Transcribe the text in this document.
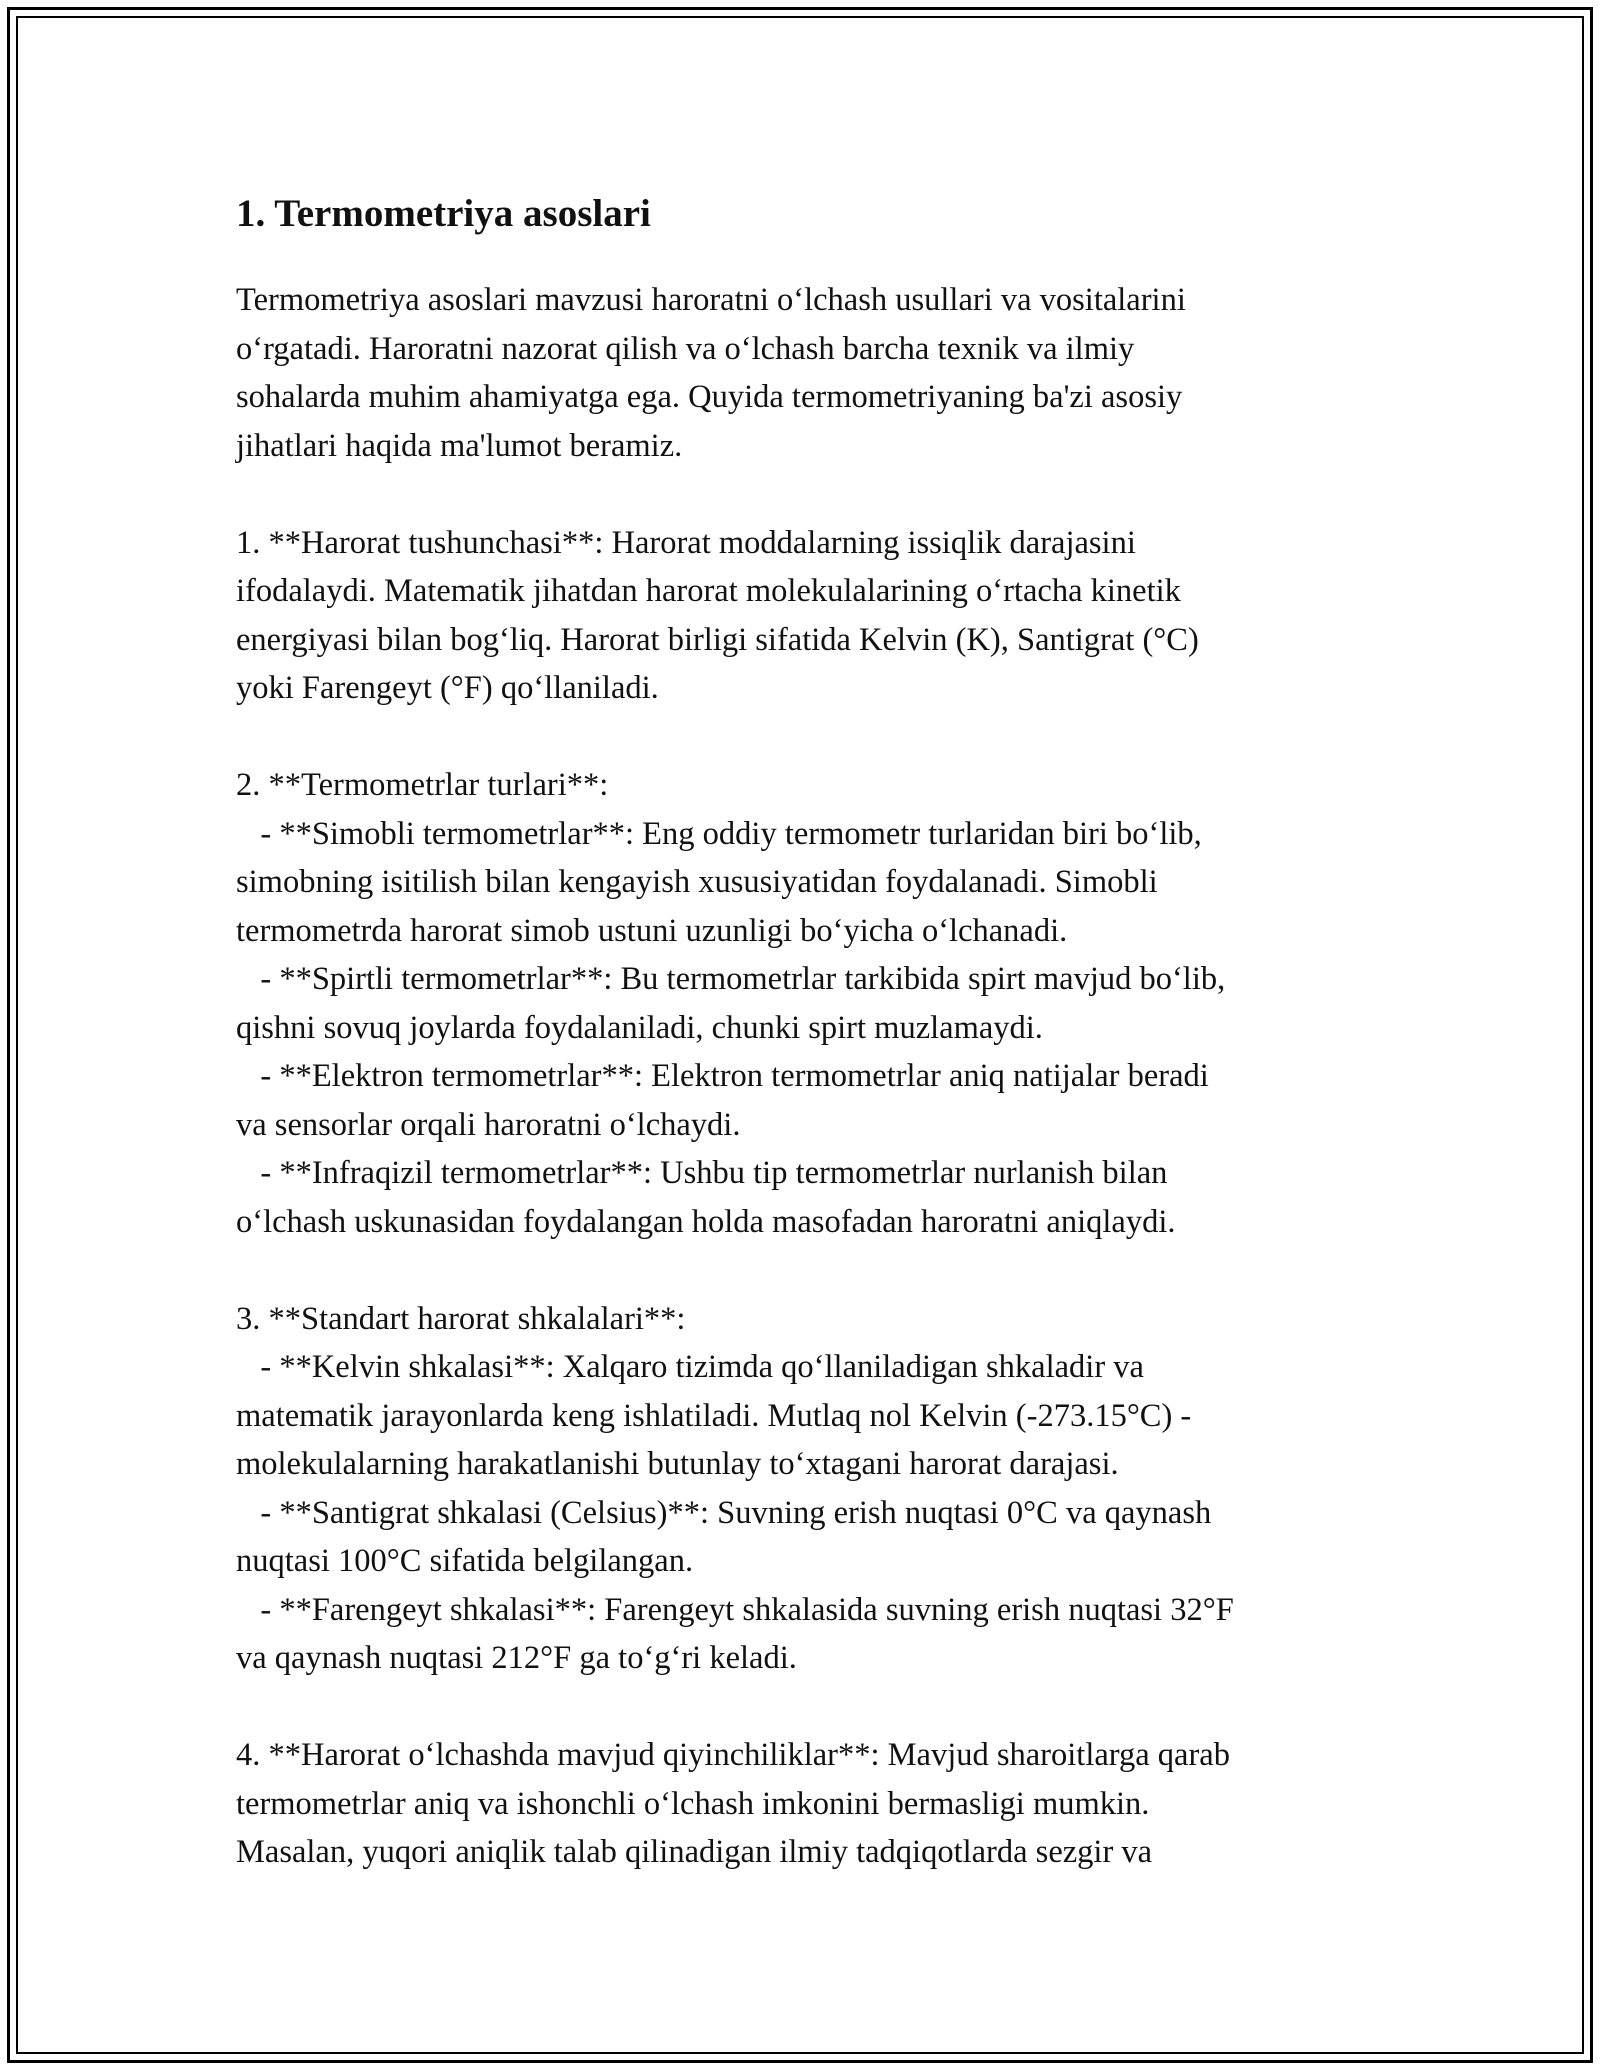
1. Termometriya asoslari
Termometriya asoslari mavzusi haroratni o‘lchash usullari va vositalarini
o‘rgatadi. Haroratni nazorat qilish va o‘lchash barcha texnik va ilmiy
sohalarda muhim ahamiyatga ega. Quyida termometriyaning ba'zi asosiy
jihatlari haqida ma'lumot beramiz.
1. **Harorat tushunchasi**: Harorat moddalarning issiqlik darajasini
ifodalaydi. Matematik jihatdan harorat molekulalarining o‘rtacha kinetik
energiyasi bilan bog‘liq. Harorat birligi sifatida Kelvin (K), Santigrat (°C)
yoki Farengeyt (°F) qo‘llaniladi.
2. **Termometrlar turlari**:
- **Simobli termometrlar**: Eng oddiy termometr turlaridan biri bo‘lib,
simobning isitilish bilan kengayish xususiyatidan foydalanadi. Simobli
termometrda harorat simob ustuni uzunligi bo‘yicha o‘lchanadi.
- **Spirtli termometrlar**: Bu termometrlar tarkibida spirt mavjud bo‘lib,
qishni sovuq joylarda foydalaniladi, chunki spirt muzlamaydi.
- **Elektron termometrlar**: Elektron termometrlar aniq natijalar beradi
va sensorlar orqali haroratni o‘lchaydi.
- **Infraqizil termometrlar**: Ushbu tip termometrlar nurlanish bilan
o‘lchash uskunasidan foydalangan holda masofadan haroratni aniqlaydi.
3. **Standart harorat shkalalari**:
- **Kelvin shkalasi**: Xalqaro tizimda qo‘llaniladigan shkaladir va
matematik jarayonlarda keng ishlatiladi. Mutlaq nol Kelvin (-273.15°C) -
molekulalarning harakatlanishi butunlay to‘xtagani harorat darajasi.
- **Santigrat shkalasi (Celsius)**: Suvning erish nuqtasi 0°C va qaynash
nuqtasi 100°C sifatida belgilangan.
- **Farengeyt shkalasi**: Farengeyt shkalasida suvning erish nuqtasi 32°F
va qaynash nuqtasi 212°F ga to‘g‘ri keladi.
4. **Harorat o‘lchashda mavjud qiyinchiliklar**: Mavjud sharoitlarga qarab
termometrlar aniq va ishonchli o‘lchash imkonini bermasligi mumkin.
Masalan, yuqori aniqlik talab qilinadigan ilmiy tadqiqotlarda sezgir va
